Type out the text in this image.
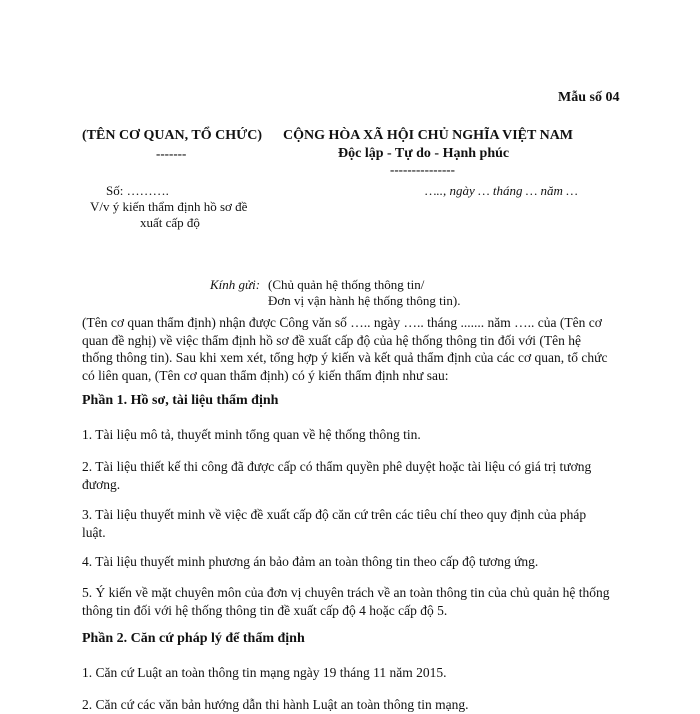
Mẫu số 04
(TÊN CƠ QUAN, TỔ CHỨC)
-------
CỘNG HÒA XÃ HỘI CHỦ NGHĨA VIỆT NAM
Độc lập - Tự do - Hạnh phúc
---------------
Số: ……….
V/v ý kiến thẩm định hồ sơ đề
xuất cấp độ
….., ngày … tháng … năm …
Kính gửi: (Chủ quản hệ thống thông tin/
Đơn vị vận hành hệ thống thông tin).
(Tên cơ quan thẩm định) nhận được Công văn số ….. ngày ….. tháng ....... năm ….. của (Tên cơ quan đề nghị) về việc thẩm định hồ sơ đề xuất cấp độ của hệ thống thông tin đối với (Tên hệ thống thông tin). Sau khi xem xét, tổng hợp ý kiến và kết quả thẩm định của các cơ quan, tổ chức có liên quan, (Tên cơ quan thẩm định) có ý kiến thẩm định như sau:
Phần 1. Hồ sơ, tài liệu thẩm định
1. Tài liệu mô tả, thuyết minh tổng quan về hệ thống thông tin.
2. Tài liệu thiết kế thi công đã được cấp có thẩm quyền phê duyệt hoặc tài liệu có giá trị tương đương.
3. Tài liệu thuyết minh về việc đề xuất cấp độ căn cứ trên các tiêu chí theo quy định của pháp luật.
4. Tài liệu thuyết minh phương án bảo đảm an toàn thông tin theo cấp độ tương ứng.
5. Ý kiến về mặt chuyên môn của đơn vị chuyên trách về an toàn thông tin của chủ quản hệ thống thông tin đối với hệ thống thông tin đề xuất cấp độ 4 hoặc cấp độ 5.
Phần 2. Căn cứ pháp lý để thẩm định
1. Căn cứ Luật an toàn thông tin mạng ngày 19 tháng 11 năm 2015.
2. Căn cứ các văn bản hướng dẫn thi hành Luật an toàn thông tin mạng.
